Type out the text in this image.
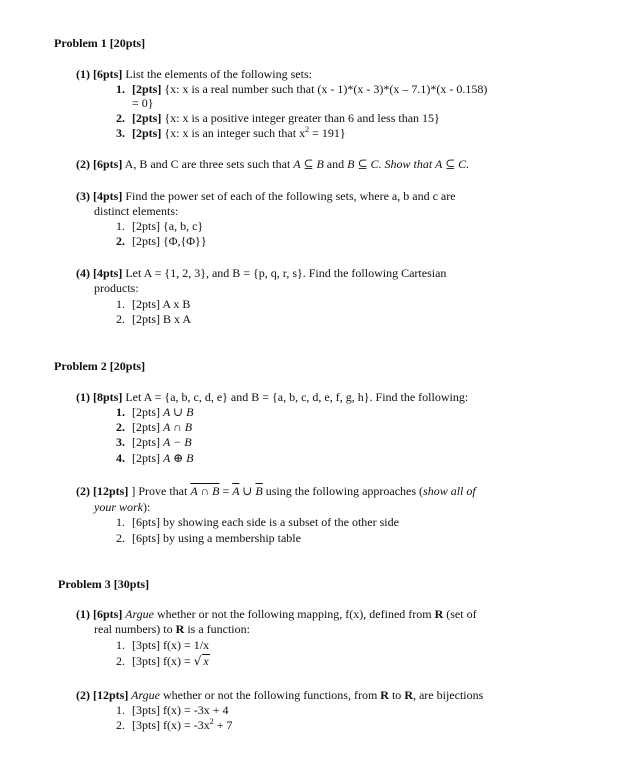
Problem 1 [20pts]
(1) [6pts] List the elements of the following sets:
1. [2pts] {x: x is a real number such that (x - 1)*(x - 3)*(x – 7.1)*(x - 0.158)
= 0}
2. [2pts] {x: x is a positive integer greater than 6 and less than 15}
3. [2pts] {x: x is an integer such that $x^2 = 191$}
(2) [6pts] A, B and C are three sets such that A ⊆ B and B ⊆ C. Show that A ⊆ C.
(3) [4pts] Find the power set of each of the following sets, where a, b and c are
distinct elements:
1. [2pts] {a, b, c}
2. [2pts] {Φ,{Φ}}
(4) [4pts] Let A = {1, 2, 3}, and B = {p, q, r, s}. Find the following Cartesian
products:
1. [2pts] A x B
2. [2pts] B x A
Problem 2 [20pts]
(1) [8pts] Let A = {a, b, c, d, e} and B = {a, b, c, d, e, f, g, h}. Find the following:
1. [2pts] A ∪ B
2. [2pts] A ∩ B
3. [2pts] A − B
4. [2pts] A ⊕ B
(2) [12pts] ] Prove that A ∩ $B = \overline{A}$ ∪ $\overline{B}$ using the following approaches (show all of
your work):
1. [6pts] by showing each side is a subset of the other side
2. [6pts] by using a membership table
Problem 3 [30pts]
(1) [6pts] Argue whether or not the following mapping, f(x), defined from R (set of
real numbers) to R is a function:
1. [3pts] f(x) = 1/x
2. [3pts] f(x) = √ x
(2) [12pts] Argue whether or not the following functions, from R to R, are bijections
1. [3pts] f(x) = -3x + 4
2. [3pts] $f(x) = -3x^2 + 7$
